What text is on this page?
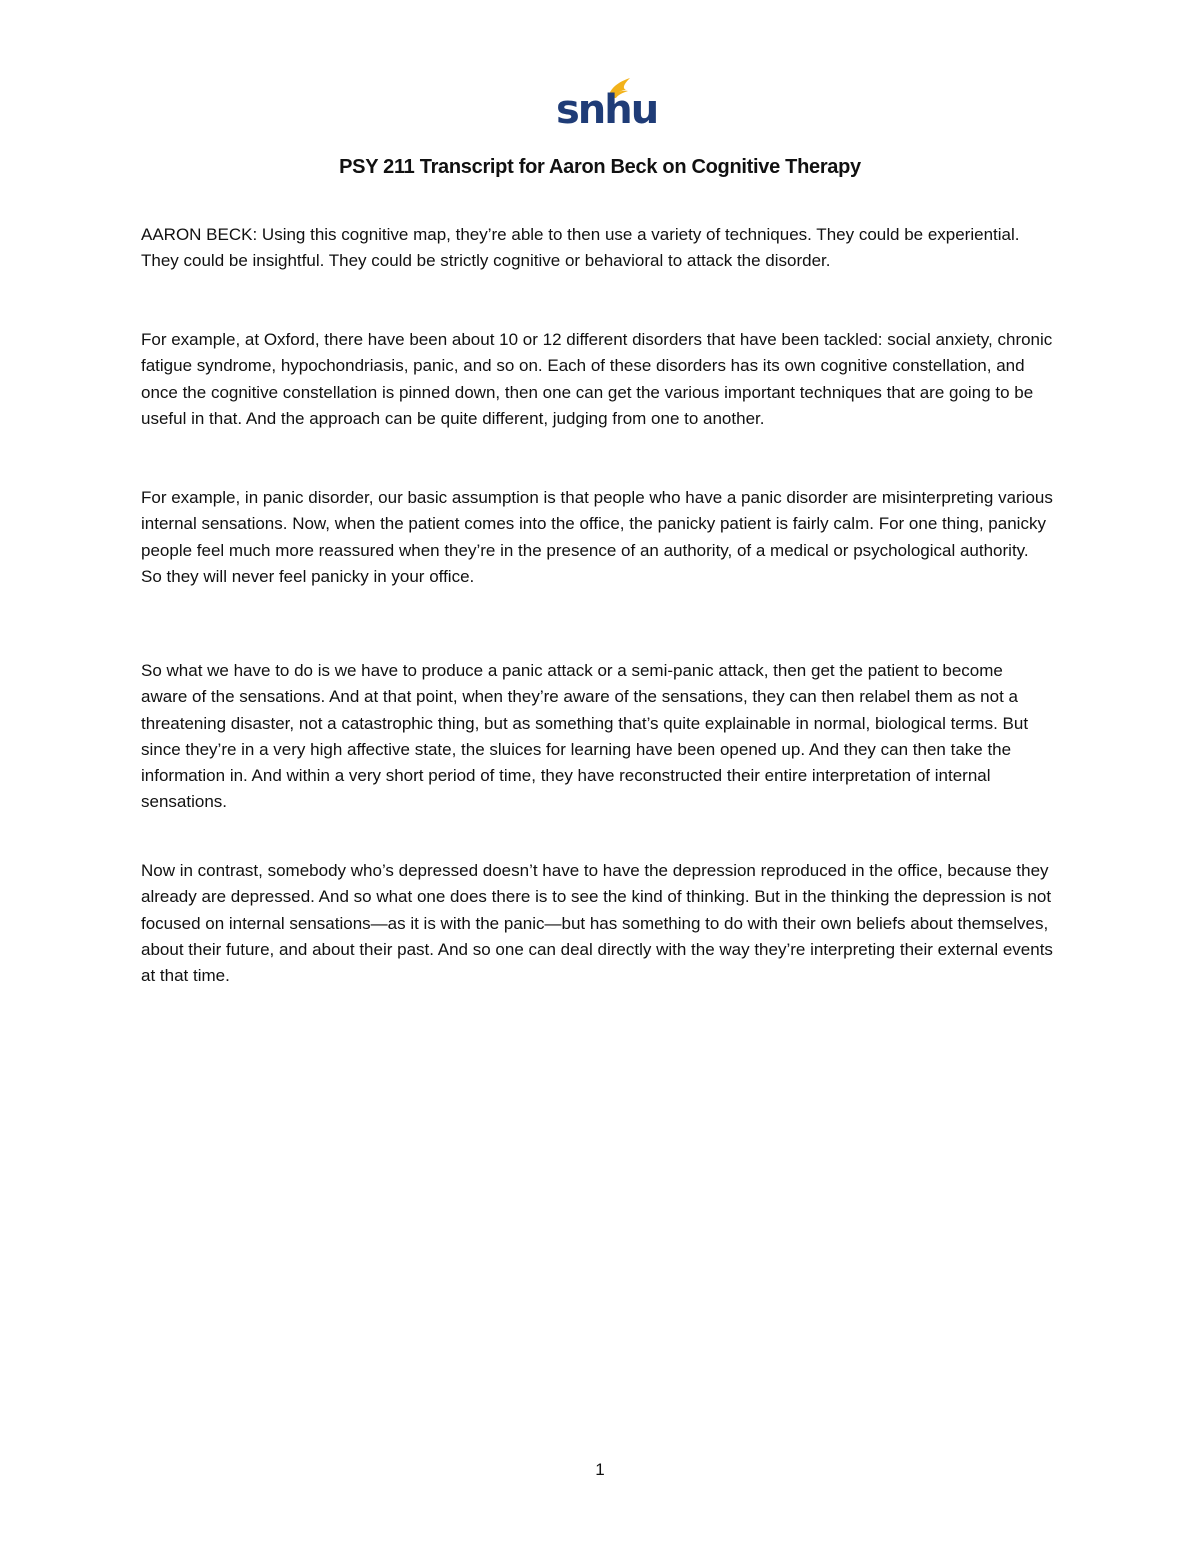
snhu
PSY 211 Transcript for Aaron Beck on Cognitive Therapy

AARON BECK: Using this cognitive map, they’re able to then use a variety of techniques. They could be experiential. They could be insightful. They could be strictly cognitive or behavioral to attack the disorder.

For example, at Oxford, there have been about 10 or 12 different disorders that have been tackled: social anxiety, chronic fatigue syndrome, hypochondriasis, panic, and so on. Each of these disorders has its own cognitive constellation, and once the cognitive constellation is pinned down, then one can get the various important techniques that are going to be useful in that. And the approach can be quite different, judging from one to another.

For example, in panic disorder, our basic assumption is that people who have a panic disorder are misinterpreting various internal sensations. Now, when the patient comes into the office, the panicky patient is fairly calm. For one thing, panicky people feel much more reassured when they’re in the presence of an authority, of a medical or psychological authority. So they will never feel panicky in your office.

So what we have to do is we have to produce a panic attack or a semi-panic attack, then get the patient to become aware of the sensations. And at that point, when they’re aware of the sensations, they can then relabel them as not a threatening disaster, not a catastrophic thing, but as something that’s quite explainable in normal, biological terms. But since they’re in a very high affective state, the sluices for learning have been opened up. And they can then take the information in. And within a very short period of time, they have reconstructed their entire interpretation of internal sensations.

Now in contrast, somebody who’s depressed doesn’t have to have the depression reproduced in the office, because they already are depressed. And so what one does there is to see the kind of thinking. But in the thinking the depression is not focused on internal sensations—as it is with the panic—but has something to do with their own beliefs about themselves, about their future, and about their past. And so one can deal directly with the way they’re interpreting their external events at that time.

1
